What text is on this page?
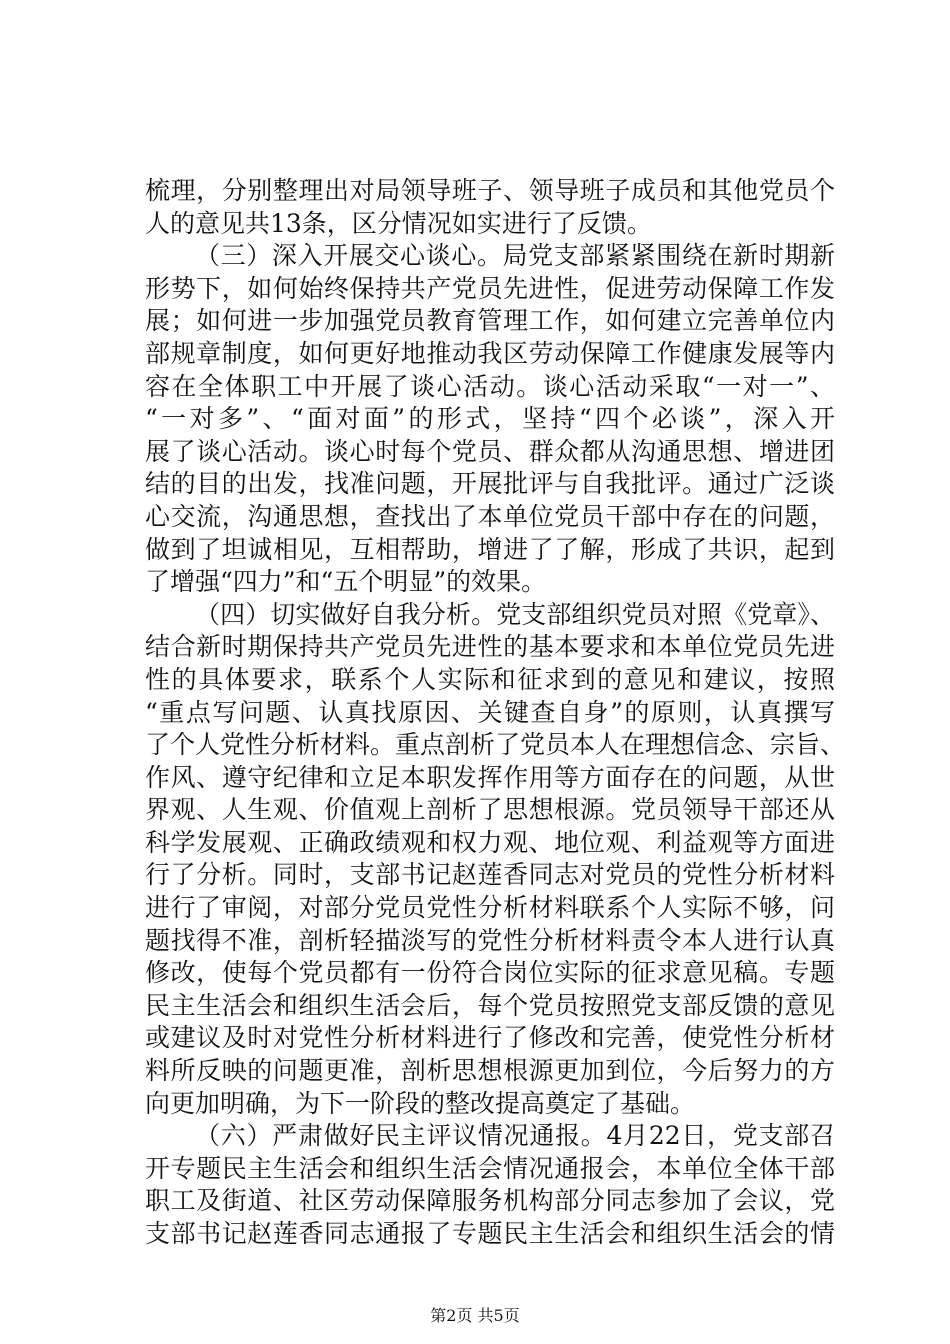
梳理，分别整理出对局领导班子、领导班子成员和其他党员个
人的意见共13条，区分情况如实进行了反馈。
（三）深入开展交心谈心。局党支部紧紧围绕在新时期新
形势下，如何始终保持共产党员先进性，促进劳动保障工作发
展；如何进一步加强党员教育管理工作，如何建立完善单位内
部规章制度，如何更好地推动我区劳动保障工作健康发展等内
容在全体职工中开展了谈心活动。谈心活动采取“一对一”、
“一对多”、“面对面”的形式，坚持“四个必谈”，深入开
展了谈心活动。谈心时每个党员、群众都从沟通思想、增进团
结的目的出发，找准问题，开展批评与自我批评。通过广泛谈
心交流，沟通思想，查找出了本单位党员干部中存在的问题，
做到了坦诚相见，互相帮助，增进了了解，形成了共识，起到
了增强“四力”和“五个明显”的效果。
（四）切实做好自我分析。党支部组织党员对照《党章》、
结合新时期保持共产党员先进性的基本要求和本单位党员先进
性的具体要求，联系个人实际和征求到的意见和建议，按照
“重点写问题、认真找原因、关键查自身”的原则，认真撰写
了个人党性分析材料。重点剖析了党员本人在理想信念、宗旨、
作风、遵守纪律和立足本职发挥作用等方面存在的问题，从世
界观、人生观、价值观上剖析了思想根源。党员领导干部还从
科学发展观、正确政绩观和权力观、地位观、利益观等方面进
行了分析。同时，支部书记赵莲香同志对党员的党性分析材料
进行了审阅，对部分党员党性分析材料联系个人实际不够，问
题找得不准，剖析轻描淡写的党性分析材料责令本人进行认真
修改，使每个党员都有一份符合岗位实际的征求意见稿。专题
民主生活会和组织生活会后，每个党员按照党支部反馈的意见
或建议及时对党性分析材料进行了修改和完善，使党性分析材
料所反映的问题更准，剖析思想根源更加到位，今后努力的方
向更加明确，为下一阶段的整改提高奠定了基础。
（六）严肃做好民主评议情况通报。4月22日，党支部召
开专题民主生活会和组织生活会情况通报会，本单位全体干部
职工及街道、社区劳动保障服务机构部分同志参加了会议，党
支部书记赵莲香同志通报了专题民主生活会和组织生活会的情
第2页 共5页
